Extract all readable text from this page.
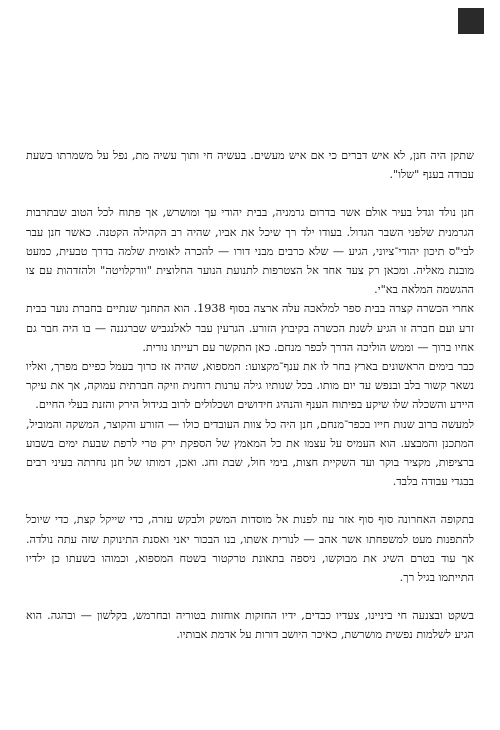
שתקן היה חנן, לא איש דברים כי אם איש מעשים. בעשיה חי ותוך עשיה מת, נפל על משמרתו בשעת עבודה בענף "שלו".

חנן נולד וגדל בעיר אולם אשר בדרום גרמניה, בבית יהודי עך ומושרש, אך פתוח לכל הטוב שבתרבות הגרמנית שלפני השבר הגדול. בעודו ילד רך שיכל את אביו, שהיה רב הקהילה הקטנה. כאשר חנן עבר לבי"ס תיכון יהודי־ציוני, הגיע — שלא כרבים מבני דורו — להכרה לאומית שלמה בדרך טבעית, כמעט מובנת מאליה. ומכאן רק צעד אחד אל הצטרפות לתנועת הנוער החלוצית "וורקלויטה" ולהזדהות עם צו ההגשמה המלאה בא"י.

אחרי הכשרה קצרה בבית ספר למלאכה עלה ארצה בסוף 1938. הוא התחנך שנתיים בחברת נוער בבית זרע ועם חברה זו הגיע לשנת הכשרה בקיבוץ הזורע. הגרעין עבר לאלנגביש שברגננה — בו היה חבר גם אחיו ברוך — וממש הוליכה הדרך לכפר מנחם. כאן התקשר עם רעייתו נורית.

כבר בימים הראשונים בארץ בחר לו את ענף־מקצועו: המספוא, שהיה אז כרוך בעמל כפיים מפרך, ואליו נשאר קשור בלב ובנפש עד יום מותו. בכל שנותיו גילה ערנות רוחנית וזיקה חברתית עמוקה, אך את עיקר היידע והשכלה שלו שיקע בפיתוח הענף והנהיג חידושים ושכלולים לרוב בגידול הירק והזנת בעלי החיים.

למעשה ברוב שנות חייו בכפר־מנחם, חנן היה כל צוות העובדים כולו — הזורע והקוצר, המשקה והמוביל, המתכנן והמבצע. הוא העמיס על עצמו את כל המאמץ של הספקת ירק טרי לרפת שבעת ימים בשבוע ברציפות, מקציר בוקר ועד השקיית חצות, בימי חול, שבת וחג. ואכן, דמותו של חנן נחרתה בעיני רבים בבגדי עבודה בלבד.

בתקופה האחרונה סוף סוף אזר עוז לפנות אל מוסדות המשק ולבקש עזרה, כדי שייקל קצת, כדי שיוכל להתפנות מעט למשפחתו אשר אהב — לנורית אשתו, בנו הבכור יאני ואסנת התינוקת שזה עתה נולדה. אך עוד בטרם השיג את מבוקשו, ניספה בתאונת טרקטור בשטח המספוא, וכמוהו בשעתו כן ילדיו התייתמו בגיל רך.

בשקט ובצנעה חי ביניינו, צעדיו כבדים, ידיו החזקות אוחזות בטוריה ובחרמש, בקלשון — ובהגה. הוא הגיע לשלמות נפשית מושרשת, כאיכר היושב דורות על אדמת אבותיו.
